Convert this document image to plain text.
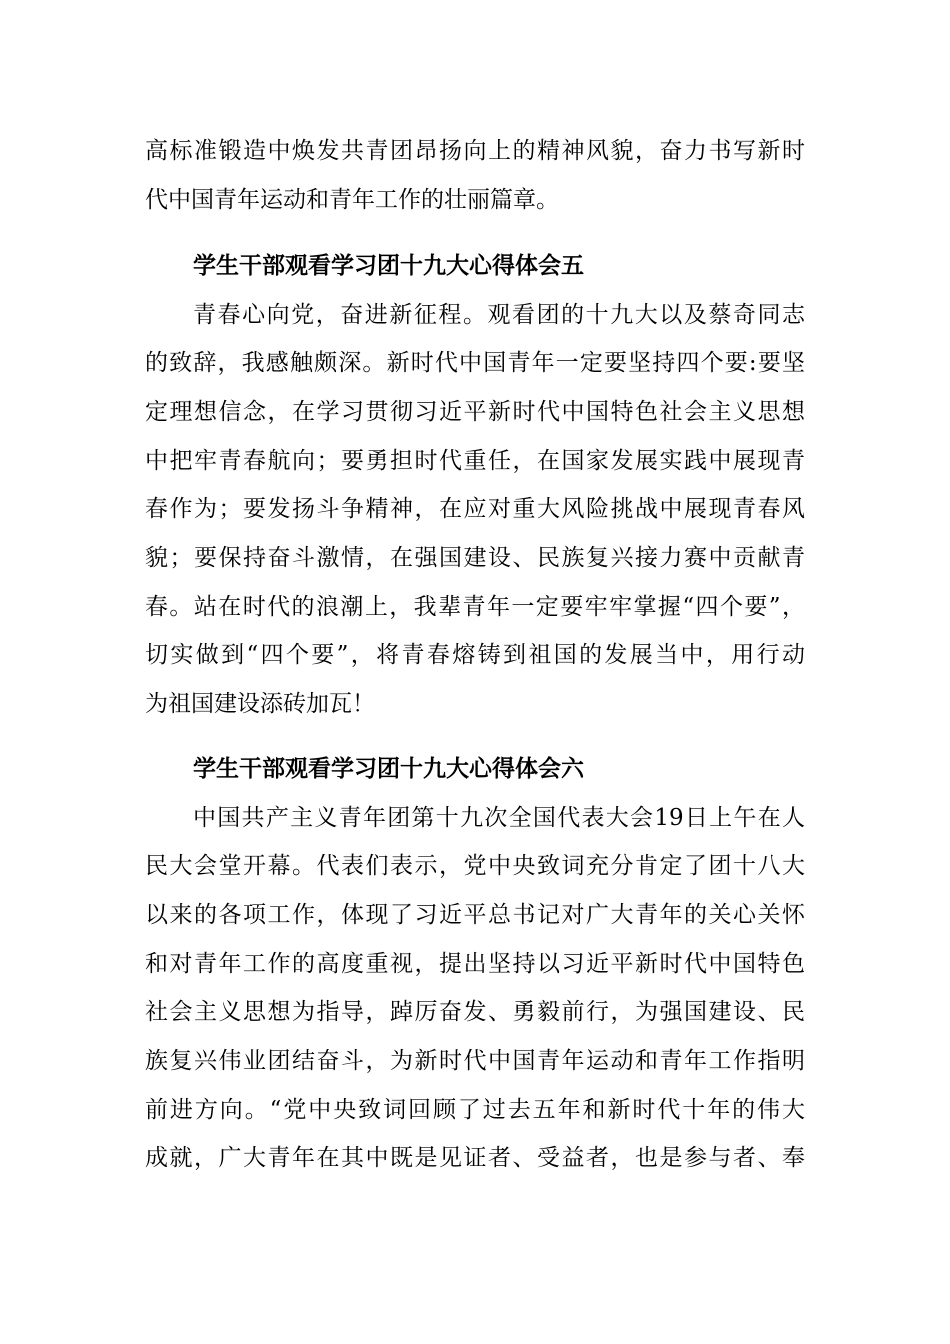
高标准锻造中焕发共青团昂扬向上的精神风貌，奋力书写新时
代中国青年运动和青年工作的壮丽篇章。
学生干部观看学习团十九大心得体会五
青春心向党，奋进新征程。观看团的十九大以及蔡奇同志
的致辞，我感触颇深。新时代中国青年一定要坚持四个要:要坚
定理想信念，在学习贯彻习近平新时代中国特色社会主义思想
中把牢青春航向；要勇担时代重任，在国家发展实践中展现青
春作为；要发扬斗争精神，在应对重大风险挑战中展现青春风
貌；要保持奋斗激情，在强国建设、民族复兴接力赛中贡献青
春。站在时代的浪潮上，我辈青年一定要牢牢掌握“四个要”，
切实做到“四个要”，将青春熔铸到祖国的发展当中，用行动
为祖国建设添砖加瓦！
学生干部观看学习团十九大心得体会六
中国共产主义青年团第十九次全国代表大会19日上午在人
民大会堂开幕。代表们表示，党中央致词充分肯定了团十八大
以来的各项工作，体现了习近平总书记对广大青年的关心关怀
和对青年工作的高度重视，提出坚持以习近平新时代中国特色
社会主义思想为指导，踔厉奋发、勇毅前行，为强国建设、民
族复兴伟业团结奋斗，为新时代中国青年运动和青年工作指明
前进方向。“党中央致词回顾了过去五年和新时代十年的伟大
成就，广大青年在其中既是见证者、受益者，也是参与者、奉
